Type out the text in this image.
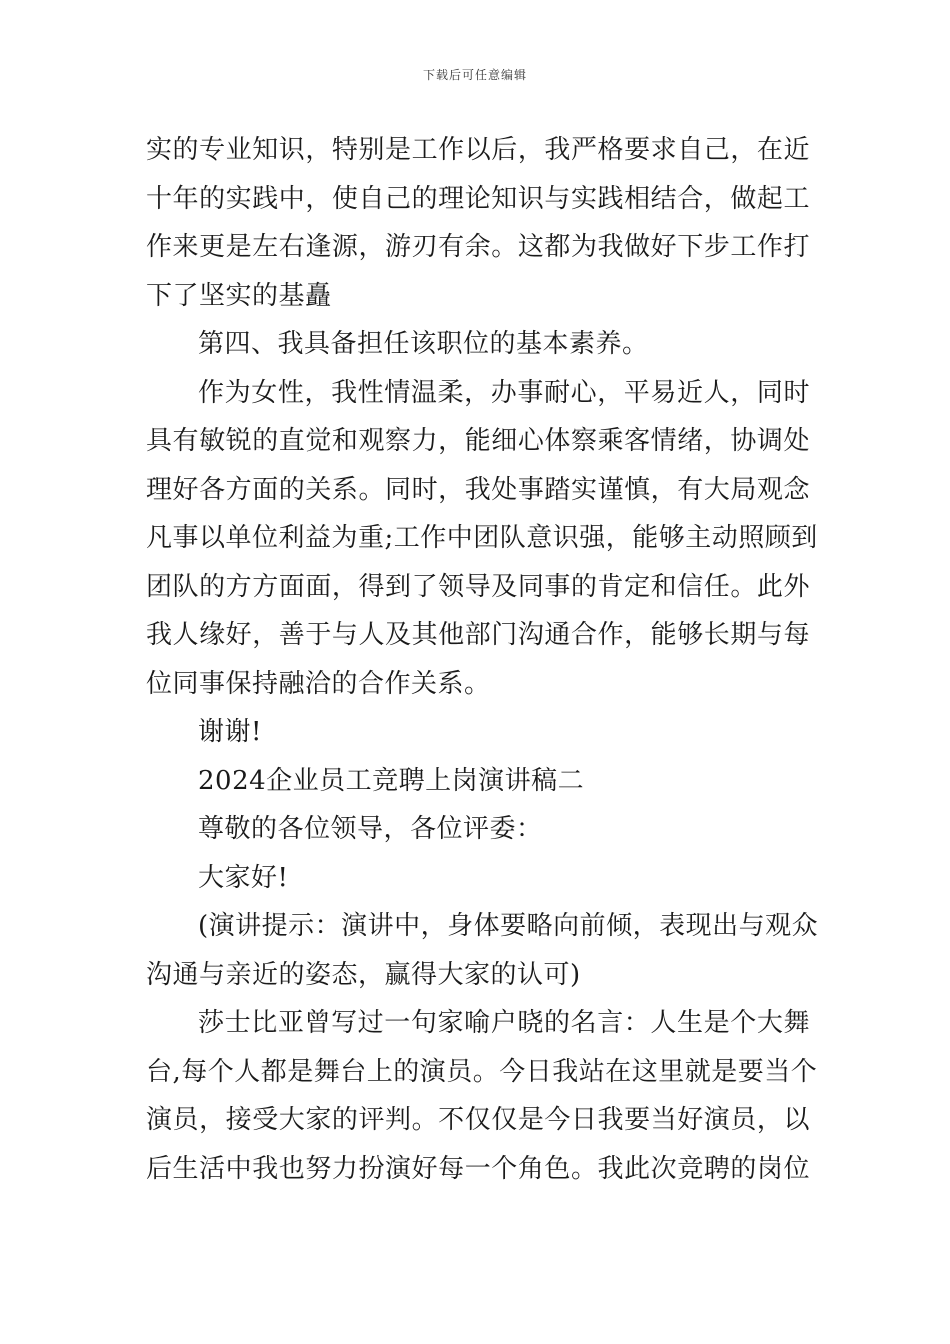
下载后可任意编辑
实的专业知识，特别是工作以后，我严格要求自己，在近
十年的实践中，使自己的理论知识与实践相结合，做起工
作来更是左右逢源，游刃有余。这都为我做好下步工作打
下了坚实的基矗
第四、我具备担任该职位的基本素养。
作为女性，我性情温柔，办事耐心，平易近人，同时
具有敏锐的直觉和观察力，能细心体察乘客情绪，协调处
理好各方面的关系。同时，我处事踏实谨慎，有大局观念
凡事以单位利益为重;工作中团队意识强，能够主动照顾到
团队的方方面面，得到了领导及同事的肯定和信任。此外
我人缘好，善于与人及其他部门沟通合作，能够长期与每
位同事保持融洽的合作关系。
谢谢!
2024企业员工竞聘上岗演讲稿二
尊敬的各位领导，各位评委：
大家好!
(演讲提示：演讲中，身体要略向前倾，表现出与观众
沟通与亲近的姿态，赢得大家的认可)
莎士比亚曾写过一句家喻户晓的名言：人生是个大舞
台,每个人都是舞台上的演员。今日我站在这里就是要当个
演员，接受大家的评判。不仅仅是今日我要当好演员，以
后生活中我也努力扮演好每一个角色。我此次竞聘的岗位
